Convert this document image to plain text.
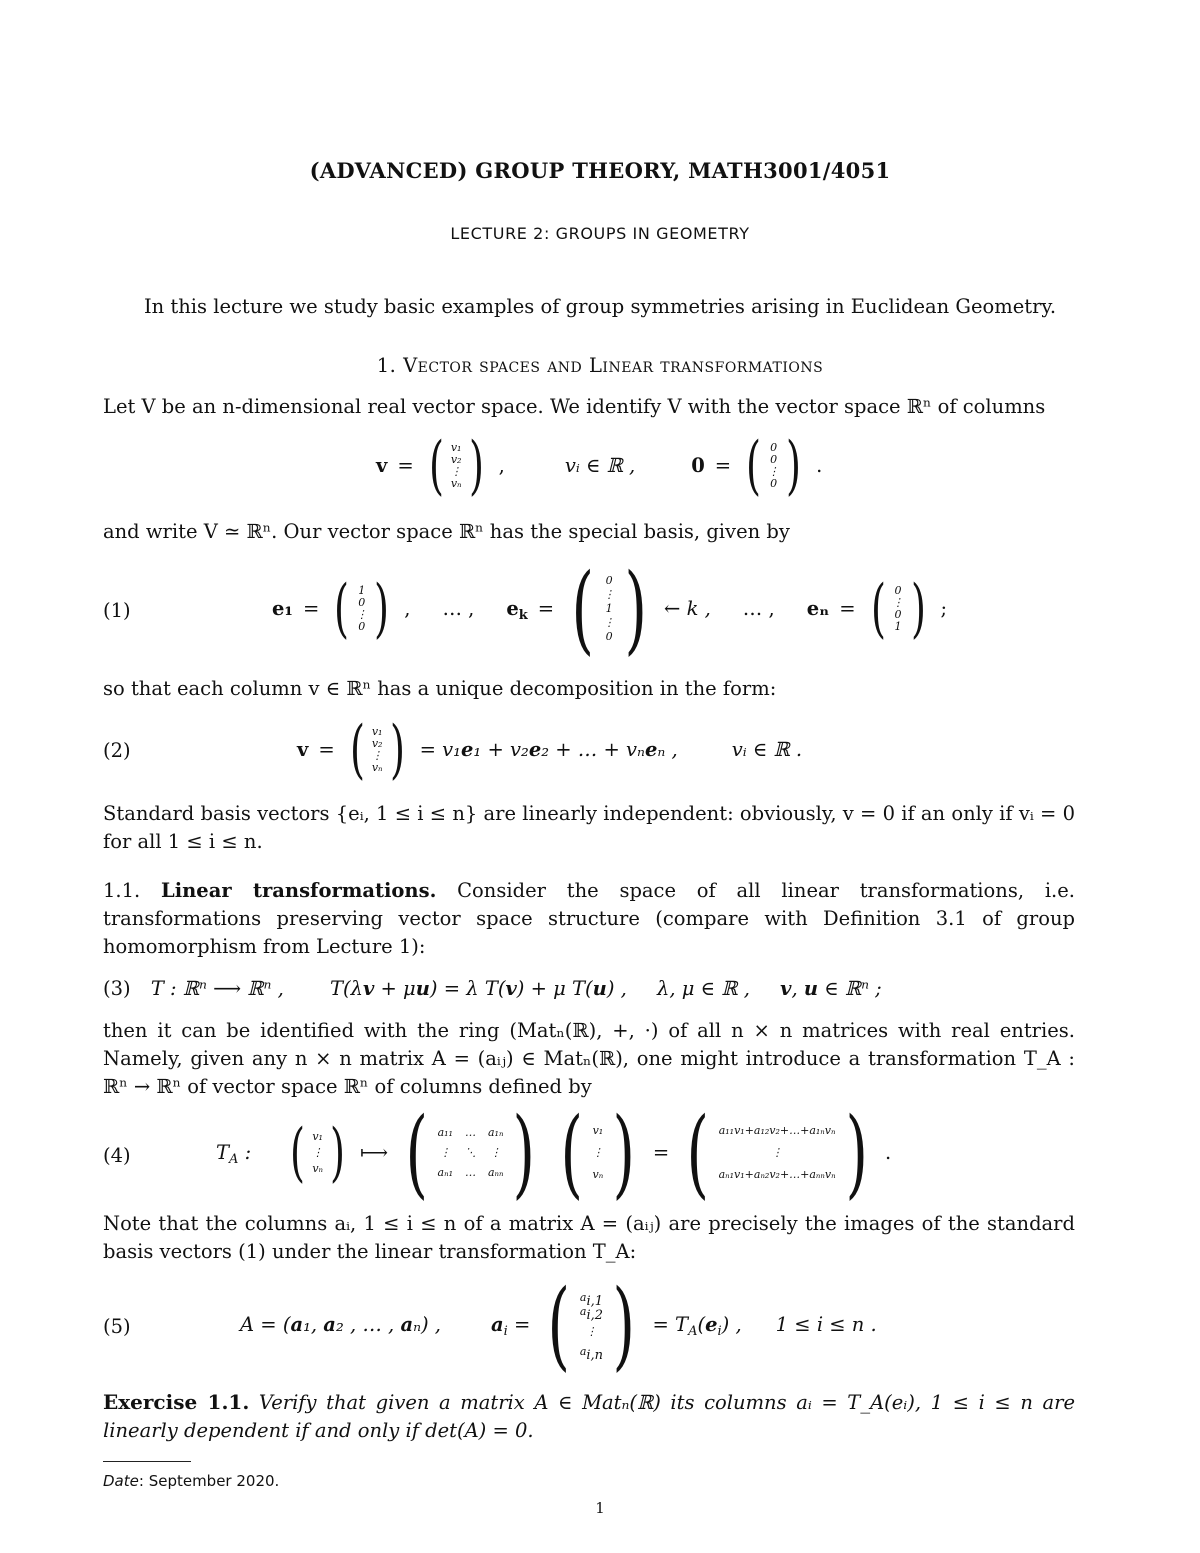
(ADVANCED) GROUP THEORY, MATH3001/4051
LECTURE 2: GROUPS IN GEOMETRY
In this lecture we study basic examples of group symmetries arising in Euclidean Geometry.
1. Vector spaces and Linear transformations
Let V be an n-dimensional real vector space. We identify V with the vector space ℝⁿ of columns
v = ( v₁
v₂
⋮
vₙ ) ,	vᵢ ∈ ℝ ,	0 = ( 0
0
⋮
0 ) .
and write V ≃ ℝⁿ. Our vector space ℝⁿ has the special basis, given by
(1)	e₁ = ( 1
0
⋮
0 ) , … , $e_k$ = ( 0
⋮
1
⋮
0 ) ← k , … , eₙ = ( 0
⋮
0
1 ) ;
so that each column v ∈ ℝⁿ has a unique decomposition in the form:
(2)	v = ( v₁
v₂
⋮
vₙ ) = v₁e₁ + v₂e₂ + … + vₙeₙ ,	vᵢ ∈ ℝ .
Standard basis vectors {eᵢ, 1 ≤ i ≤ n} are linearly independent: obviously, v = 0 if an only if vᵢ = 0 for all 1 ≤ i ≤ n.
1.1. Linear transformations. Consider the space of all linear transformations, i.e. transformations preserving vector space structure (compare with Definition 3.1 of group homomorphism from Lecture 1):
(3) T : ℝⁿ ⟶ ℝⁿ , T(λv + μu) = λ T(v) + μ T(u) , λ, μ ∈ ℝ , v, u ∈ ℝⁿ ;
then it can be identified with the ring (Matₙ(ℝ), +, ·) of all n × n matrices with real entries. Namely, given any n × n matrix A = (aᵢⱼ) ∈ Matₙ(ℝ), one might introduce a transformation T_A : ℝⁿ → ℝⁿ of vector space ℝⁿ of columns defined by
(4)	$T_A$ : ( v₁
⋮
vₙ ) ⟼ ( a₁₁ … a₁ₙ
⋮ ⋱ ⋮
aₙ₁ … aₙₙ ) ( v₁
⋮
vₙ ) = ( a₁₁v₁+a₁₂v₂+…+a₁ₙvₙ
⋮
aₙ₁v₁+aₙ₂v₂+…+aₙₙvₙ ) .
Note that the columns aᵢ, 1 ≤ i ≤ n of a matrix A = (aᵢⱼ) are precisely the images of the standard basis vectors (1) under the linear transformation T_A:
(5)	A = (a₁, a₂ , … , aₙ) ,	$a_i$ = ( $a_{i,1}$
$a_{i,2}$
⋮
$a_{i,n}$ ) = $T_A(e_i)$ , 1 ≤ i ≤ n .
Exercise 1.1. Verify that given a matrix A ∈ Matₙ(ℝ) its columns aᵢ = T_A(eᵢ), 1 ≤ i ≤ n are linearly dependent if and only if det(A) = 0.
Date: September 2020.
1
